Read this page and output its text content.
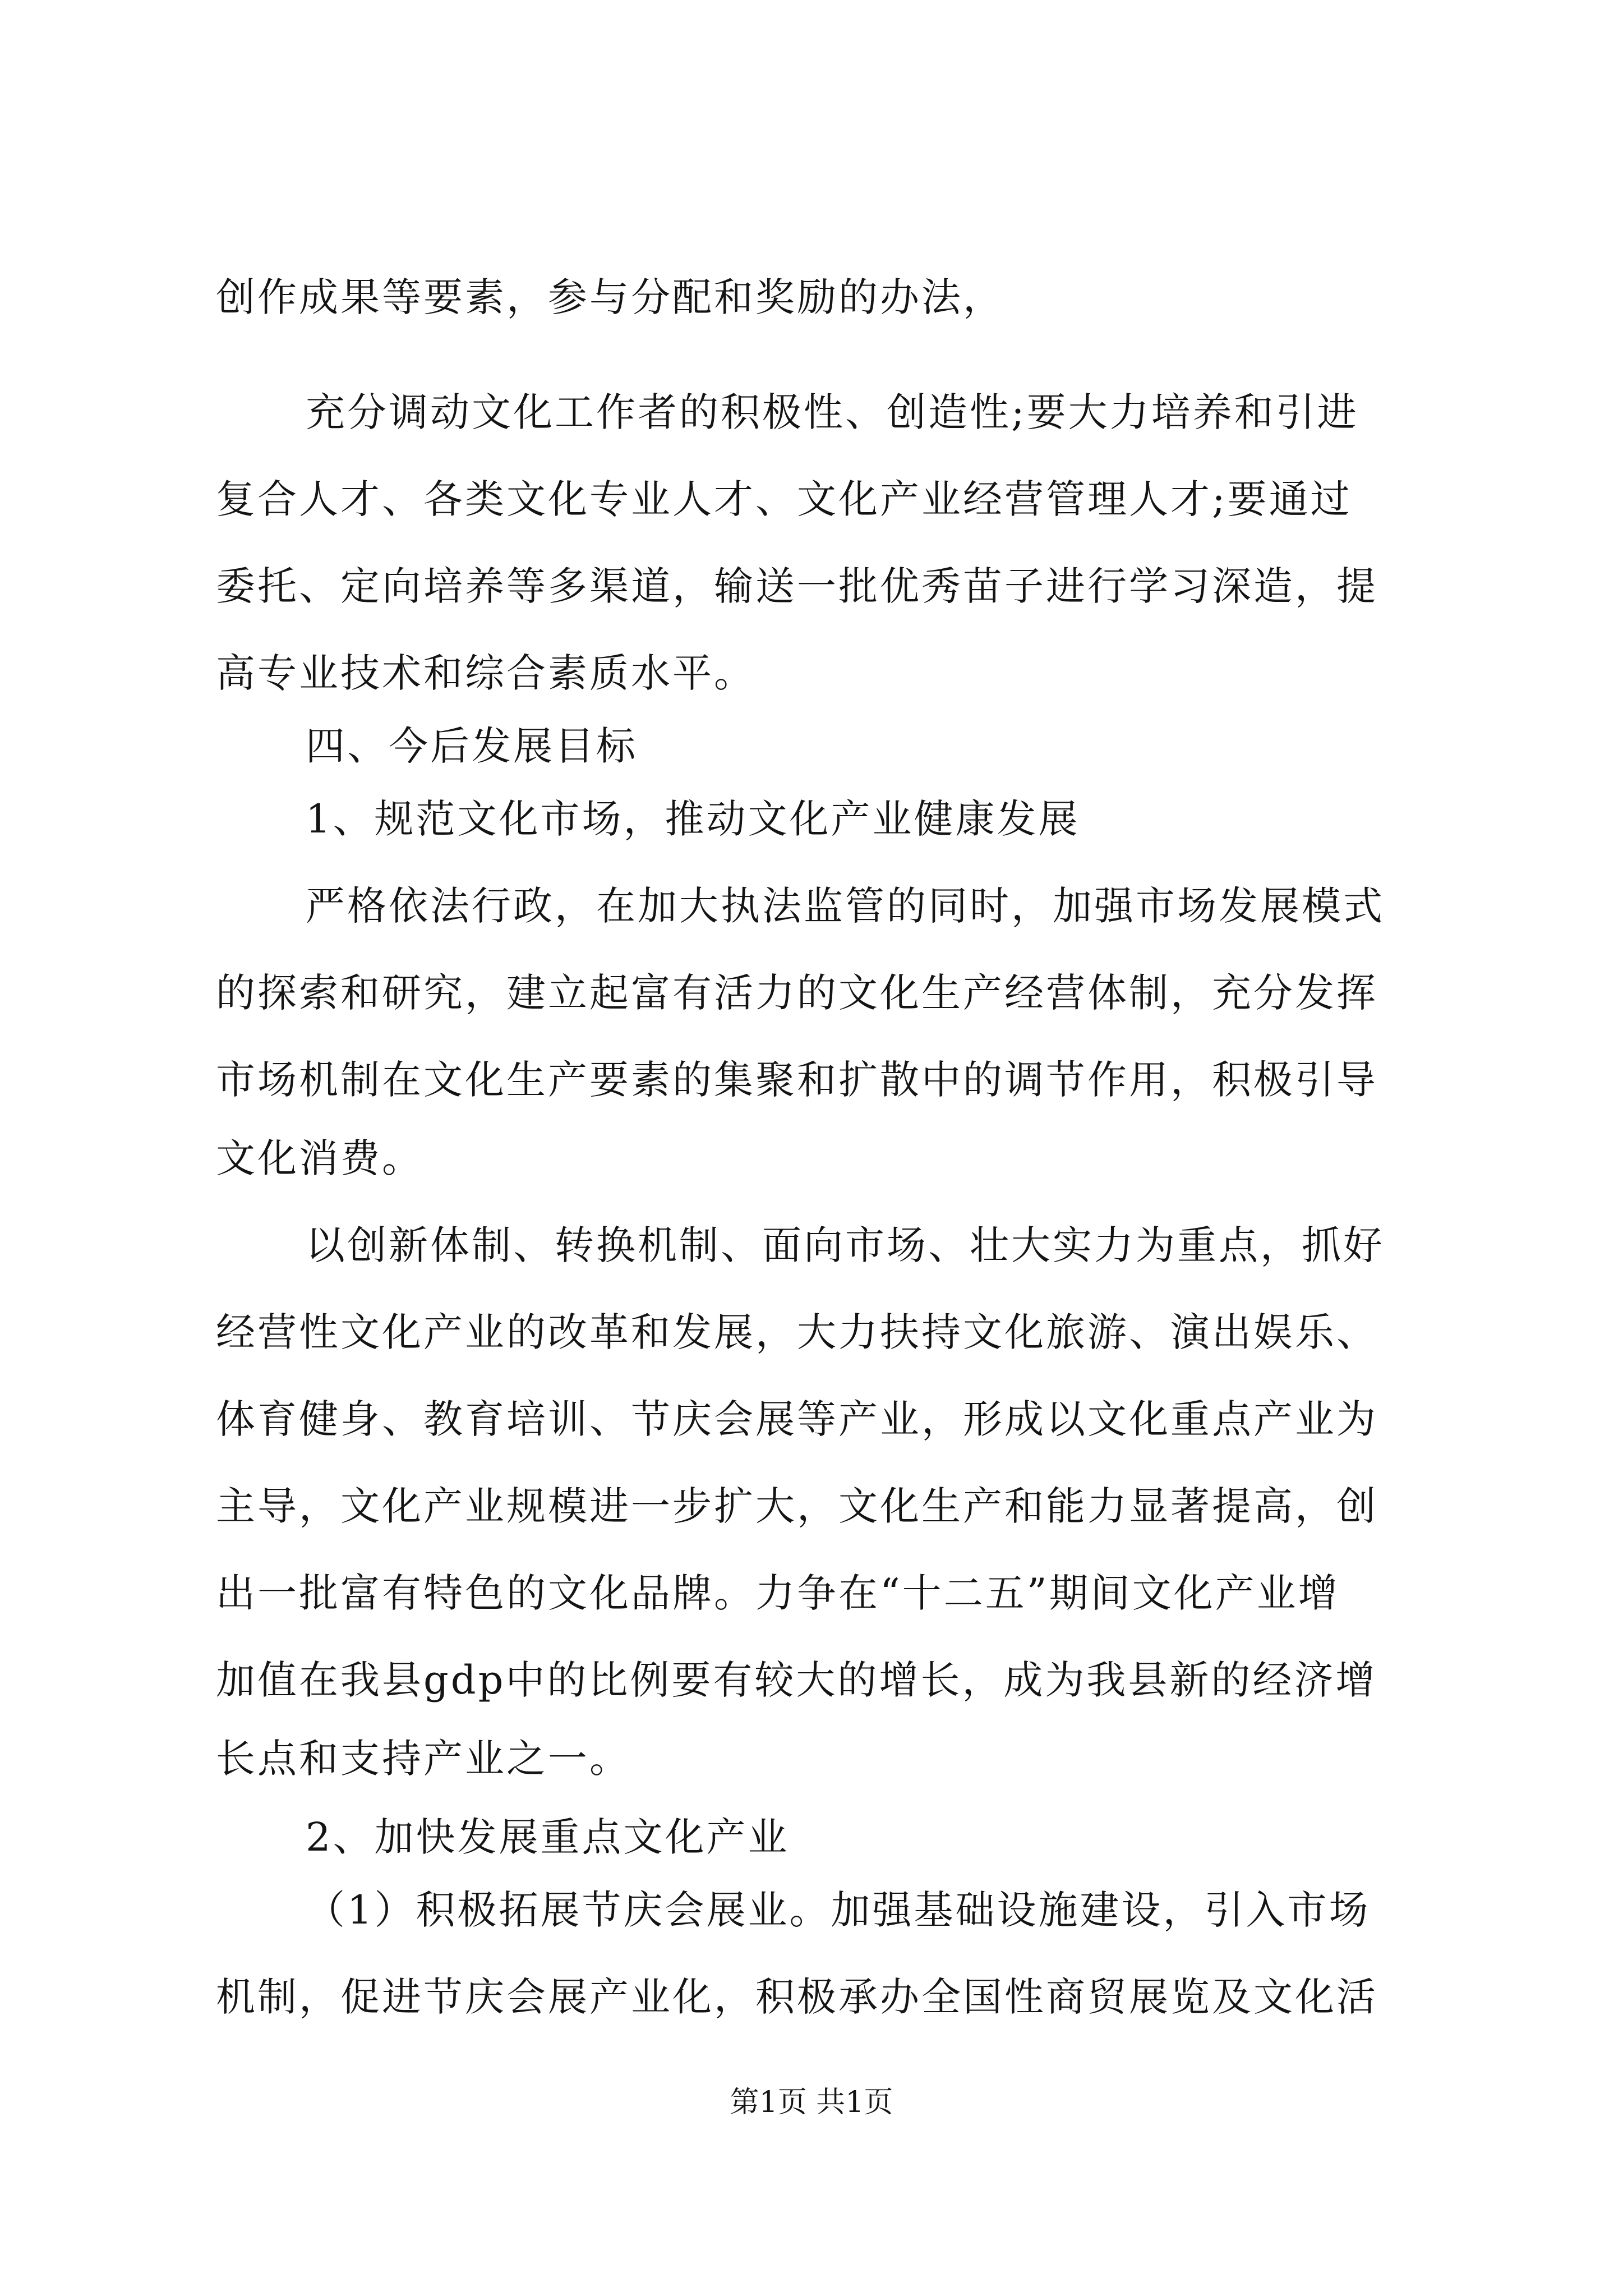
创作成果等要素，参与分配和奖励的办法，
充分调动文化工作者的积极性、创造性;要大力培养和引进
复合人才、各类文化专业人才、文化产业经营管理人才;要通过
委托、定向培养等多渠道，输送一批优秀苗子进行学习深造，提
高专业技术和综合素质水平。
四、今后发展目标
1、规范文化市场，推动文化产业健康发展
严格依法行政，在加大执法监管的同时，加强市场发展模式
的探索和研究，建立起富有活力的文化生产经营体制，充分发挥
市场机制在文化生产要素的集聚和扩散中的调节作用，积极引导
文化消费。
以创新体制、转换机制、面向市场、壮大实力为重点，抓好
经营性文化产业的改革和发展，大力扶持文化旅游、演出娱乐、
体育健身、教育培训、节庆会展等产业，形成以文化重点产业为
主导，文化产业规模进一步扩大，文化生产和能力显著提高，创
出一批富有特色的文化品牌。力争在“十二五”期间文化产业增
加值在我县gdp中的比例要有较大的增长，成为我县新的经济增
长点和支持产业之一。
2、加快发展重点文化产业
（1）积极拓展节庆会展业。加强基础设施建设，引入市场
机制，促进节庆会展产业化，积极承办全国性商贸展览及文化活
第1页 共1页
